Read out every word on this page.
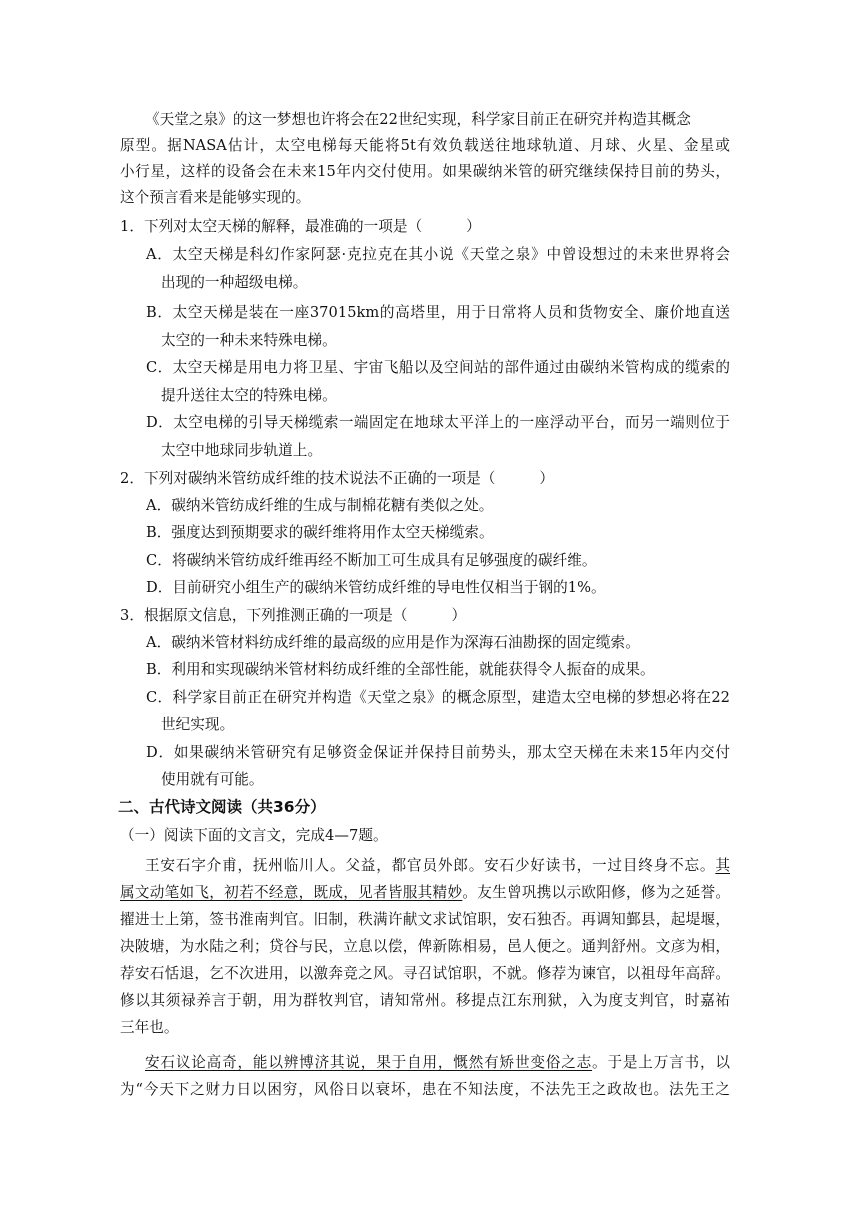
《天堂之泉》的这一梦想也许将会在22世纪实现，科学家目前正在研究并构造其概念
原型。据NASA估计，太空电梯每天能将5t有效负载送往地球轨道、月球、火星、金星或
小行星，这样的设备会在未来15年内交付使用。如果碳纳米管的研究继续保持目前的势头，
这个预言看来是能够实现的。
1．下列对太空天梯的解释，最准确的一项是（　　　）
A．太空天梯是科幻作家阿瑟·克拉克在其小说《天堂之泉》中曾设想过的未来世界将会
出现的一种超级电梯。
B．太空天梯是装在一座37015km的高塔里，用于日常将人员和货物安全、廉价地直送
太空的一种未来特殊电梯。
C．太空天梯是用电力将卫星、宇宙飞船以及空间站的部件通过由碳纳米管构成的缆索的
提升送往太空的特殊电梯。
D．太空电梯的引导天梯缆索一端固定在地球太平洋上的一座浮动平台，而另一端则位于
太空中地球同步轨道上。
2．下列对碳纳米管纺成纤维的技术说法不正确的一项是（　　　）
A．碳纳米管纺成纤维的生成与制棉花糖有类似之处。
B．强度达到预期要求的碳纤维将用作太空天梯缆索。
C．将碳纳米管纺成纤维再经不断加工可生成具有足够强度的碳纤维。
D．目前研究小组生产的碳纳米管纺成纤维的导电性仅相当于钢的1%。
3．根据原文信息，下列推测正确的一项是（　　　）
A．碳纳米管材料纺成纤维的最高级的应用是作为深海石油勘探的固定缆索。
B．利用和实现碳纳米管材料纺成纤维的全部性能，就能获得令人振奋的成果。
C．科学家目前正在研究并构造《天堂之泉》的概念原型，建造太空电梯的梦想必将在22
世纪实现。
D．如果碳纳米管研究有足够资金保证并保持目前势头，那太空天梯在未来15年内交付
使用就有可能。
二、古代诗文阅读（共36分）
（一）阅读下面的文言文，完成4—7题。
王安石字介甫，抚州临川人。父益，都官员外郎。安石少好读书，一过目终身不忘。其
属文动笔如飞，初若不经意，既成，见者皆服其精妙。友生曾巩携以示欧阳修，修为之延誉。
擢进士上第，签书淮南判官。旧制，秩满许献文求试馆职，安石独否。再调知鄞县，起堤堰，
决陂塘，为水陆之利；贷谷与民，立息以偿，俾新陈相易，邑人便之。通判舒州。文彦为相，
荐安石恬退，乞不次进用，以激奔竞之风。寻召试馆职，不就。修荐为谏官，以祖母年高辞。
修以其须禄养言于朝，用为群牧判官，请知常州。移提点江东刑狱，入为度支判官，时嘉祐
三年也。
安石议论高奇，能以辨博济其说，果于自用，慨然有矫世变俗之志。于是上万言书，以
为“今天下之财力日以困穷，风俗日以衰坏，患在不知法度，不法先王之政故也。法先王之
